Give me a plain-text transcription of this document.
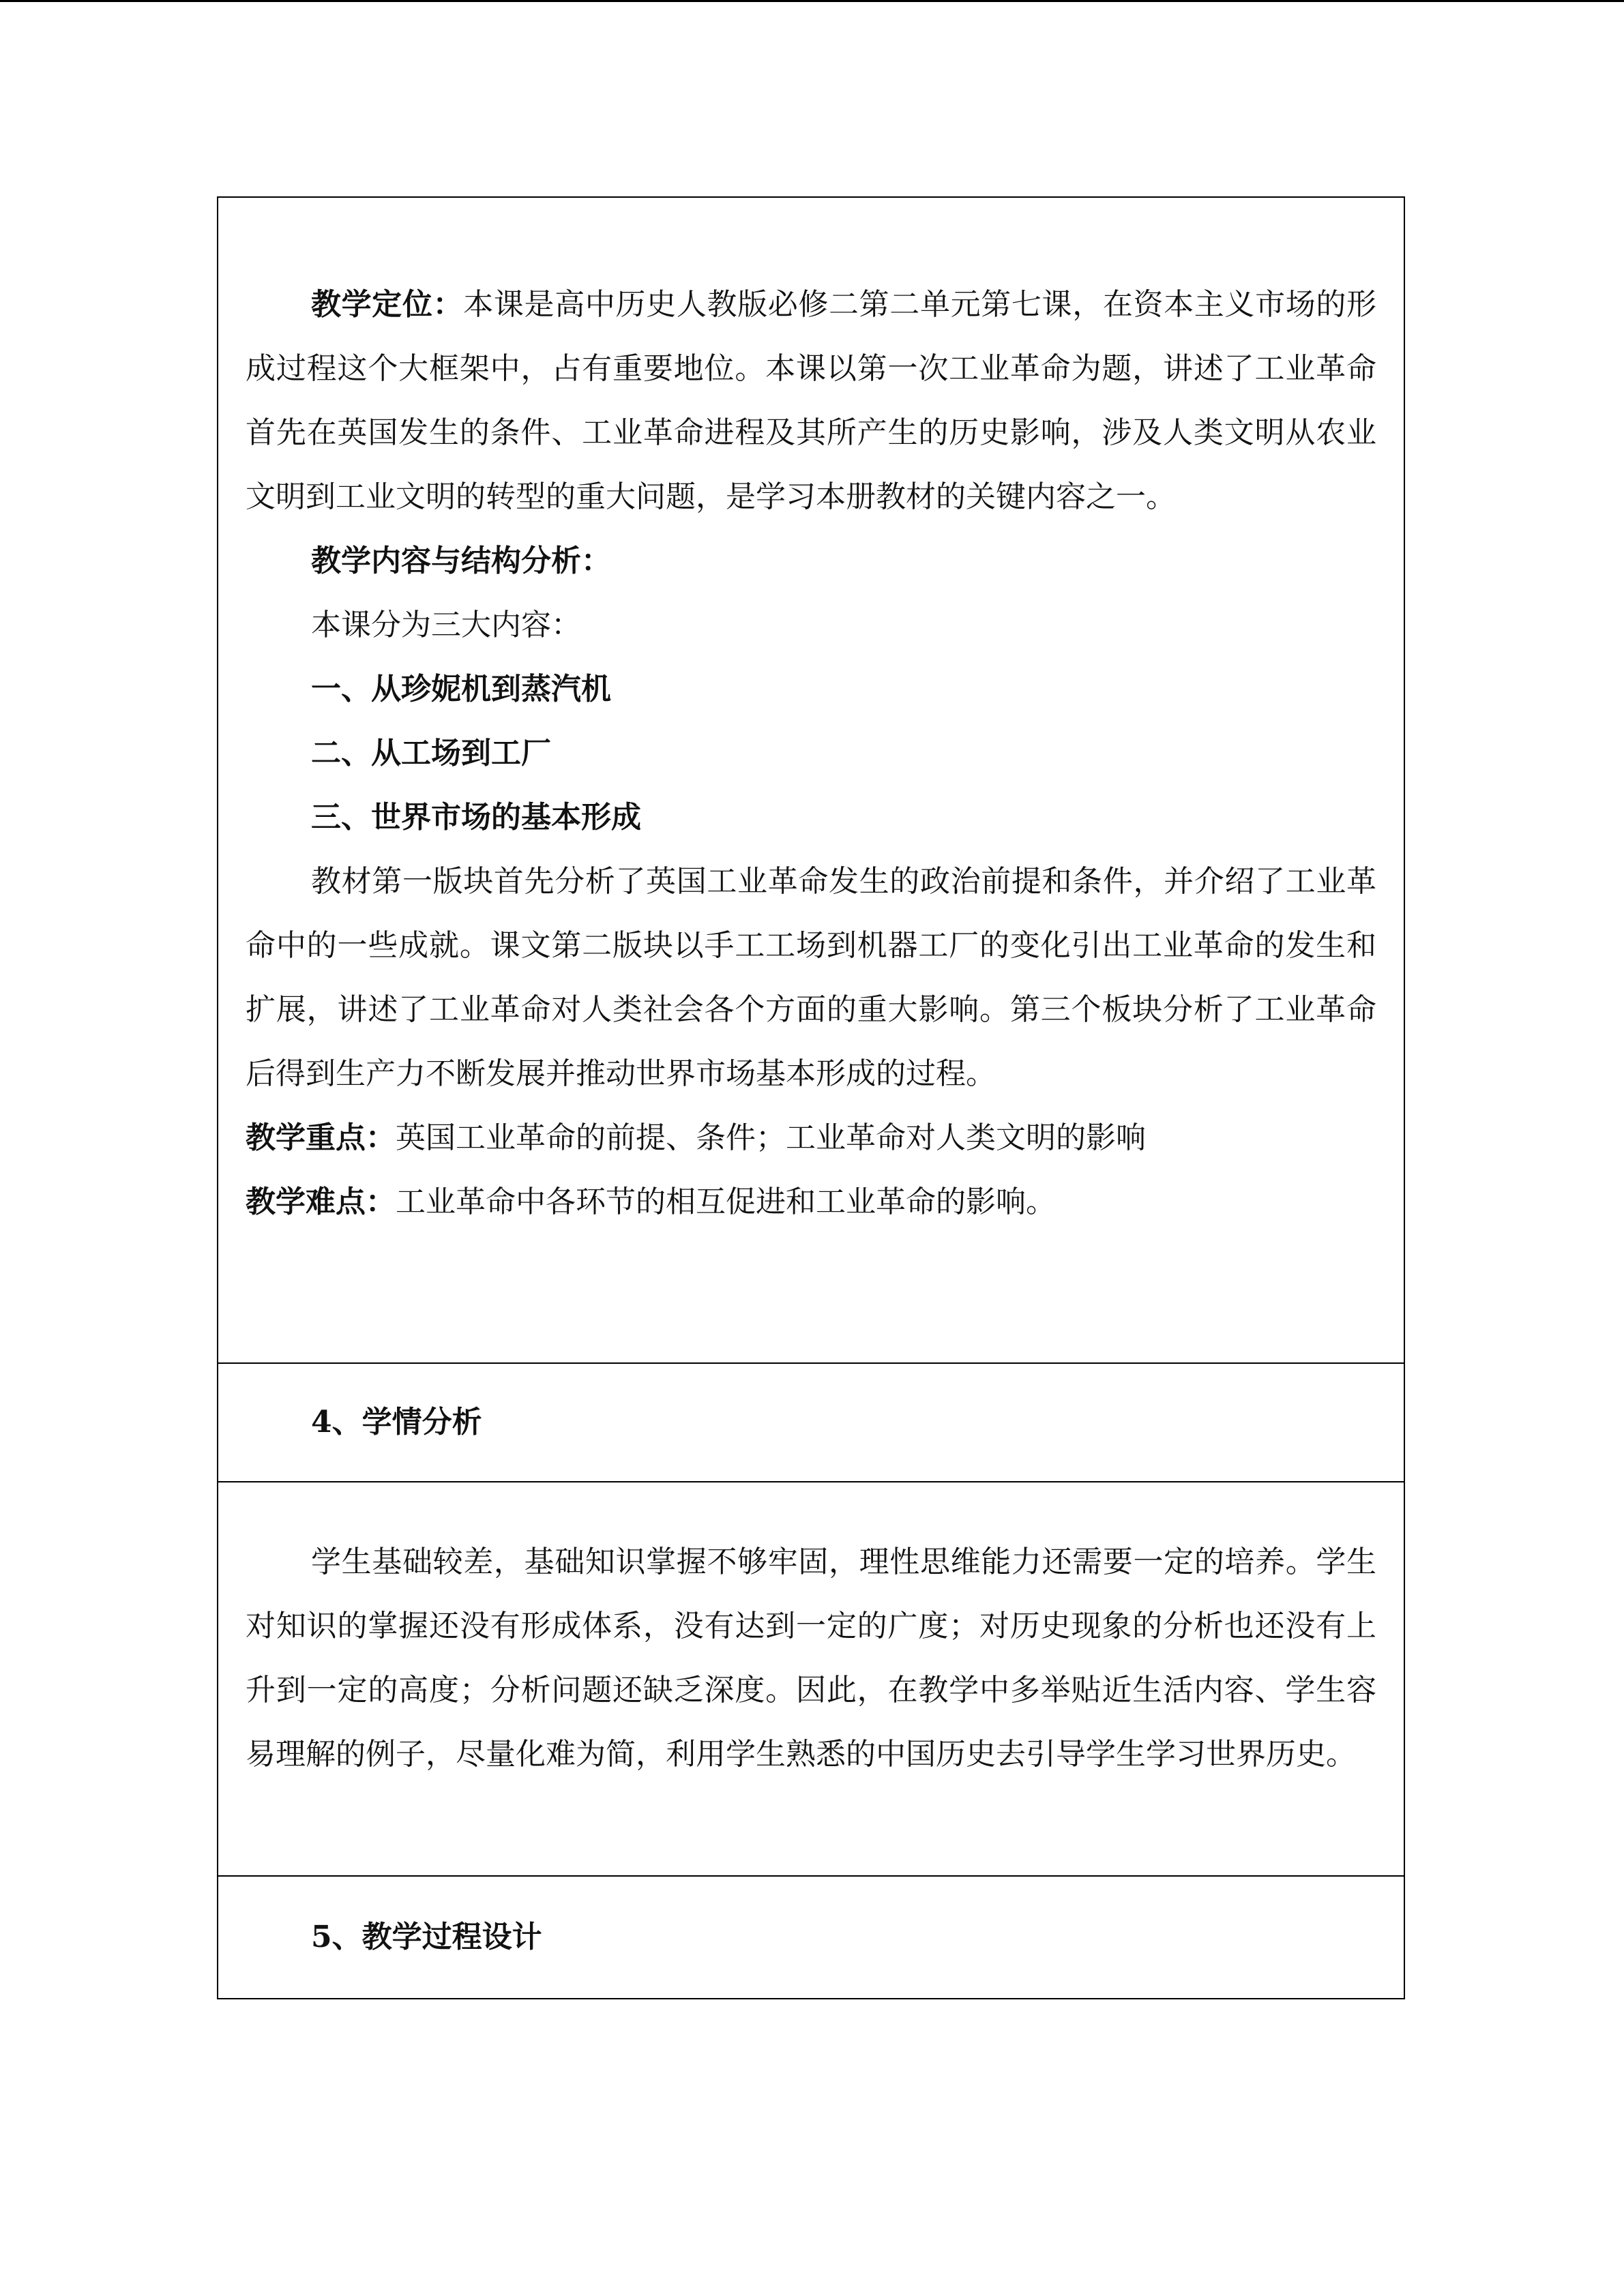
教学定位：本课是高中历史人教版必修二第二单元第七课，在资本主义市场的形成过程这个大框架中，占有重要地位。本课以第一次工业革命为题，讲述了工业革命首先在英国发生的条件、工业革命进程及其所产生的历史影响，涉及人类文明从农业文明到工业文明的转型的重大问题，是学习本册教材的关键内容之一。

教学内容与结构分析：

本课分为三大内容：

一、从珍妮机到蒸汽机

二、从工场到工厂

三、世界市场的基本形成

教材第一版块首先分析了英国工业革命发生的政治前提和条件，并介绍了工业革命中的一些成就。课文第二版块以手工工场到机器工厂的变化引出工业革命的发生和扩展，讲述了工业革命对人类社会各个方面的重大影响。第三个板块分析了工业革命后得到生产力不断发展并推动世界市场基本形成的过程。

教学重点：英国工业革命的前提、条件；工业革命对人类文明的影响

教学难点：工业革命中各环节的相互促进和工业革命的影响。

4、学情分析

学生基础较差，基础知识掌握不够牢固，理性思维能力还需要一定的培养。学生对知识的掌握还没有形成体系，没有达到一定的广度；对历史现象的分析也还没有上升到一定的高度；分析问题还缺乏深度。因此，在教学中多举贴近生活内容、学生容易理解的例子，尽量化难为简，利用学生熟悉的中国历史去引导学生学习世界历史。

5、教学过程设计
